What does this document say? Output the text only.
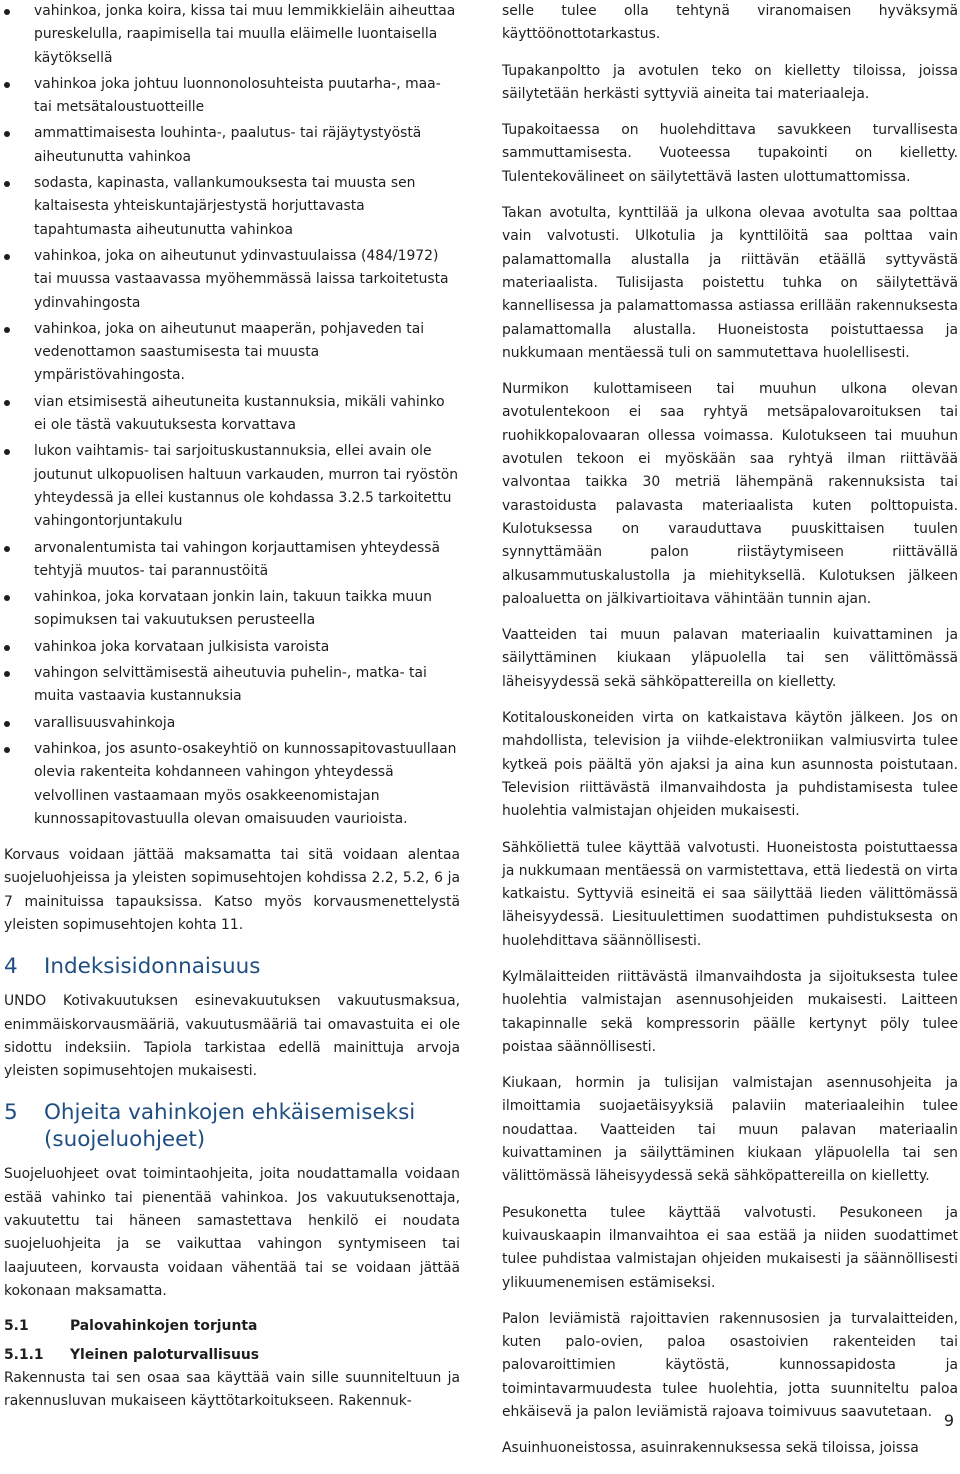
vahinkoa, jonka koira, kissa tai muu lemmikkieläin aiheuttaa pureskelulla, raapimisella tai muulla eläimelle luontaisella käytöksellä
vahinkoa joka johtuu luonnonolosuhteista puutarha-, maa- tai metsätaloustuotteille
ammattimaisesta louhinta-, paalutus- tai räjäytystyöstä aiheutunutta vahinkoa
sodasta, kapinasta, vallankumouksesta tai muusta sen kaltaisesta yhteiskuntajärjestystä horjuttavasta tapahtumasta aiheutunutta vahinkoa
vahinkoa, joka on aiheutunut ydinvastuulaissa (484/1972) tai muussa vastaavassa myöhemmässä laissa tarkoitetusta ydinvahingosta
vahinkoa, joka on aiheutunut maaperän, pohjaveden tai vedenottamon saastumisesta tai muusta ympäristövahingosta.
vian etsimisestä aiheutuneita kustannuksia, mikäli vahinko ei ole tästä vakuutuksesta korvattava
lukon vaihtamis- tai sarjoituskustannuksia, ellei avain ole joutunut ulkopuolisen haltuun varkauden, murron tai ryöstön yhteydessä ja ellei kustannus ole kohdassa 3.2.5 tarkoitettu vahingontorjuntakulu
arvonalentumista tai vahingon korjauttamisen yhteydessä tehtyjä muutos- tai parannustöitä
vahinkoa, joka korvataan jonkin lain, takuun taikka muun sopimuksen tai vakuutuksen perusteella
vahinkoa joka korvataan julkisista varoista
vahingon selvittämisestä aiheutuvia puhelin-, matka- tai muita vastaavia kustannuksia
varallisuusvahinkoja
vahinkoa, jos asunto-osakeyhtiö on kunnossapitovastuullaan olevia rakenteita kohdanneen vahingon yhteydessä velvollinen vastaamaan myös osakkeenomistajan kunnossapitovastuulla olevan omaisuuden vaurioista.

Korvaus voidaan jättää maksamatta tai sitä voidaan alentaa suojeluohjeissa ja yleisten sopimusehtojen kohdissa 2.2, 5.2, 6 ja 7 mainituissa tapauksissa. Katso myös korvausmenettelystä yleisten sopimusehtojen kohta 11.

4	Indeksisidonnaisuus

UNDO Kotivakuutuksen esinevakuutuksen vakuutusmaksua, enimmäiskorvausmääriä, vakuutusmääriä tai omavastuita ei ole sidottu indeksiin. Tapiola tarkistaa edellä mainittuja arvoja yleisten sopimusehtojen mukaisesti.

5	Ohjeita vahinkojen ehkäisemiseksi (suojeluohjeet)

Suojeluohjeet ovat toimintaohjeita, joita noudattamalla voidaan estää vahinko tai pienentää vahinkoa. Jos vakuutuksenottaja, vakuutettu tai häneen samastettava henkilö ei noudata suojeluohjeita ja se vaikuttaa vahingon syntymiseen tai laajuuteen, korvausta voidaan vähentää tai se voidaan jättää kokonaan maksamatta.

5.1	Palovahinkojen torjunta
5.1.1	Yleinen paloturvallisuus

Rakennusta tai sen osaa saa käyttää vain sille suunniteltuun ja rakennusluvan mukaiseen käyttötarkoitukseen. Rakennuk-

selle tulee olla tehtynä viranomaisen hyväksymä käyttöönottotarkastus.

Tupakanpoltto ja avotulen teko on kielletty tiloissa, joissa säilytetään herkästi syttyviä aineita tai materiaaleja.

Tupakoitaessa on huolehdittava savukkeen turvallisesta sammuttamisesta. Vuoteessa tupakointi on kielletty. Tulentekovälineet on säilytettävä lasten ulottumattomissa.

Takan avotulta, kynttilää ja ulkona olevaa avotulta saa polttaa vain valvotusti. Ulkotulia ja kynttilöitä saa polttaa vain palamattomalla alustalla ja riittävän etäällä syttyvästä materiaalista. Tulisijasta poistettu tuhka on säilytettävä kannellisessa ja palamattomassa astiassa erillään rakennuksesta palamattomalla alustalla. Huoneistosta poistuttaessa ja nukkumaan mentäessä tuli on sammutettava huolellisesti.

Nurmikon kulottamiseen tai muuhun ulkona olevan avotulentekoon ei saa ryhtyä metsäpalovaroituksen tai ruohikkopalovaaran ollessa voimassa. Kulotukseen tai muuhun avotulen tekoon ei myöskään saa ryhtyä ilman riittävää valvontaa taikka 30 metriä lähempänä rakennuksista tai varastoidusta palavasta materiaalista kuten polttopuista. Kulotuksessa on varauduttava puuskittaisen tuulen synnyttämään palon riistäytymiseen riittävällä alkusammutuskalustolla ja miehityksellä. Kulotuksen jälkeen paloaluetta on jälkivartioitava vähintään tunnin ajan.

Vaatteiden tai muun palavan materiaalin kuivattaminen ja säilyttäminen kiukaan yläpuolella tai sen välittömässä läheisyydessä sekä sähköpattereilla on kielletty.

Kotitalouskoneiden virta on katkaistava käytön jälkeen. Jos on mahdollista, television ja viihde-elektroniikan valmiusvirta tulee kytkeä pois päältä yön ajaksi ja aina kun asunnosta poistutaan. Television riittävästä ilmanvaihdosta ja puhdistamisesta tulee huolehtia valmistajan ohjeiden mukaisesti.

Sähköliettä tulee käyttää valvotusti. Huoneistosta poistuttaessa ja nukkumaan mentäessä on varmistettava, että liedestä on virta katkaistu. Syttyviä esineitä ei saa säilyttää lieden välittömässä läheisyydessä. Liesituulettimen suodattimen puhdistuksesta on huolehdittava säännöllisesti.

Kylmälaitteiden riittävästä ilmanvaihdosta ja sijoituksesta tulee huolehtia valmistajan asennusohjeiden mukaisesti. Laitteen takapinnalle sekä kompressorin päälle kertynyt pöly tulee poistaa säännöllisesti.

Kiukaan, hormin ja tulisijan valmistajan asennusohjeita ja ilmoittamia suojaetäisyyksiä palaviin materiaaleihin tulee noudattaa. Vaatteiden tai muun palavan materiaalin kuivattaminen ja säilyttäminen kiukaan yläpuolella tai sen välittömässä läheisyydessä sekä sähköpattereilla on kielletty.

Pesukonetta tulee käyttää valvotusti. Pesukoneen ja kuivauskaapin ilmanvaihtoa ei saa estää ja niiden suodattimet tulee puhdistaa valmistajan ohjeiden mukaisesti ja säännöllisesti ylikuumenemisen estämiseksi.

Palon leviämistä rajoittavien rakennusosien ja turvalaitteiden, kuten palo-ovien, paloa osastoivien rakenteiden tai palovaroittimien käytöstä, kunnossapidosta ja toimintavarmuudesta tulee huolehtia, jotta suunniteltu paloa ehkäisevä ja palon leviämistä rajoava toimivuus saavutetaan.

Asuinhuoneistossa, asuinrakennuksessa sekä tiloissa, joissa

9
